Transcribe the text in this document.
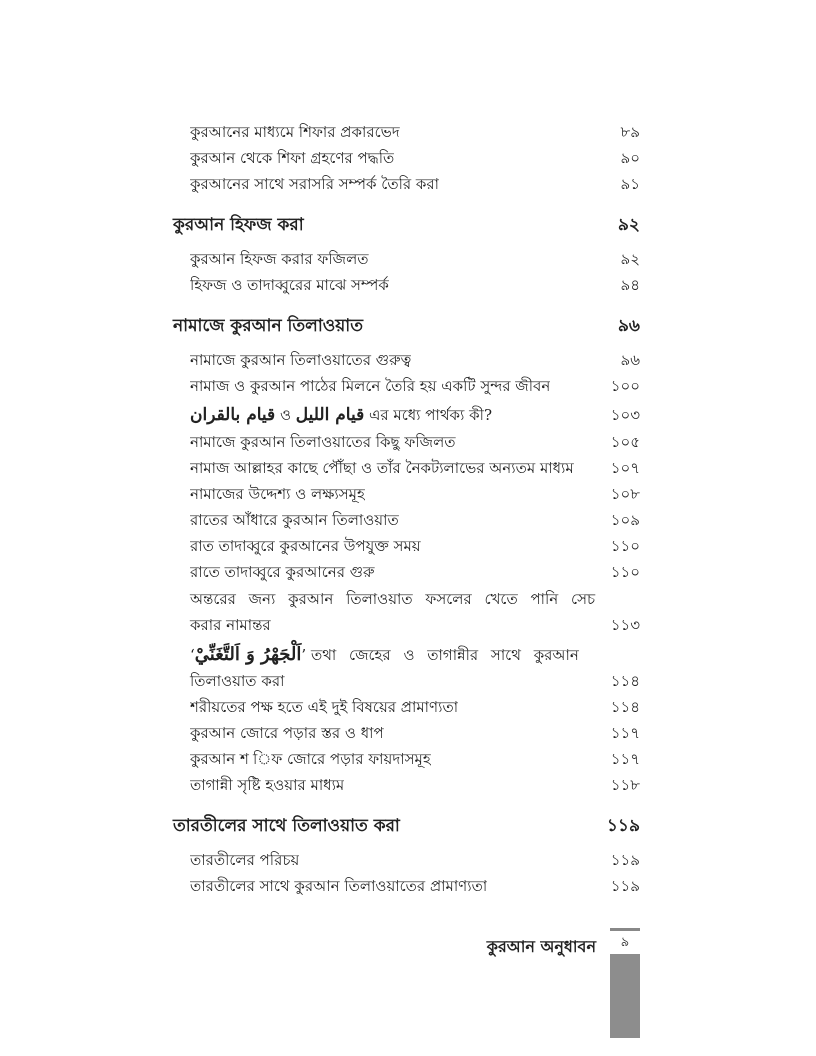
কুরআনের মাধ্যমে শিফার প্রকারভেদ	৮৯
কুরআন থেকে শিফা গ্রহণের পদ্ধতি	৯০
কুরআনের সাথে সরাসরি সম্পর্ক তৈরি করা	৯১
কুরআন হিফজ করা	৯২
কুরআন হিফজ করার ফজিলত	৯২
হিফজ ও তাদাব্বুরের মাঝে সম্পর্ক	৯৪
নামাজে কুরআন তিলাওয়াত	৯৬
নামাজে কুরআন তিলাওয়াতের গুরুত্ব	৯৬
নামাজ ও কুরআন পাঠের মিলনে তৈরি হয় একটি সুন্দর জীবন	১০০
قيام بالقران ও قيام الليل এর মধ্যে পার্থক্য কী?	১০৩
নামাজে কুরআন তিলাওয়াতের কিছু ফজিলত	১০৫
নামাজ আল্লাহর কাছে পৌঁছা ও তাঁর নৈকট্যলাভের অন্যতম মাধ্যম	১০৭
নামাজের উদ্দেশ্য ও লক্ষ্যসমূহ	১০৮
রাতের আঁধারে কুরআন তিলাওয়াত	১০৯
রাত তাদাব্বুরে কুরআনের উপযুক্ত সময়	১১০
রাতে তাদাব্বুরে কুরআনের গুরু	১১০
অন্তরের জন্য কুরআন তিলাওয়াত ফসলের খেতে পানি সেচ
করার নামান্তর	১১৩
‘اَلْجَهْرُ وَ اَلتَّغَنِّيْ’ তথা জেহের ও তাগান্নীর সাথে কুরআন
তিলাওয়াত করা	১১৪
শরীয়তের পক্ষ হতে এই দুই বিষয়ের প্রামাণ্যতা	১১৪
কুরআন জোরে পড়ার স্তর ও ধাপ	১১৭
কুরআন শ িফ জোরে পড়ার ফায়দাসমূহ	১১৭
তাগান্নী সৃষ্টি হওয়ার মাধ্যম	১১৮
তারতীলের সাথে তিলাওয়াত করা	১১৯
তারতীলের পরিচয়	১১৯
তারতীলের সাথে কুরআন তিলাওয়াতের প্রামাণ্যতা	১১৯
কুরআন অনুধাবন	৯
